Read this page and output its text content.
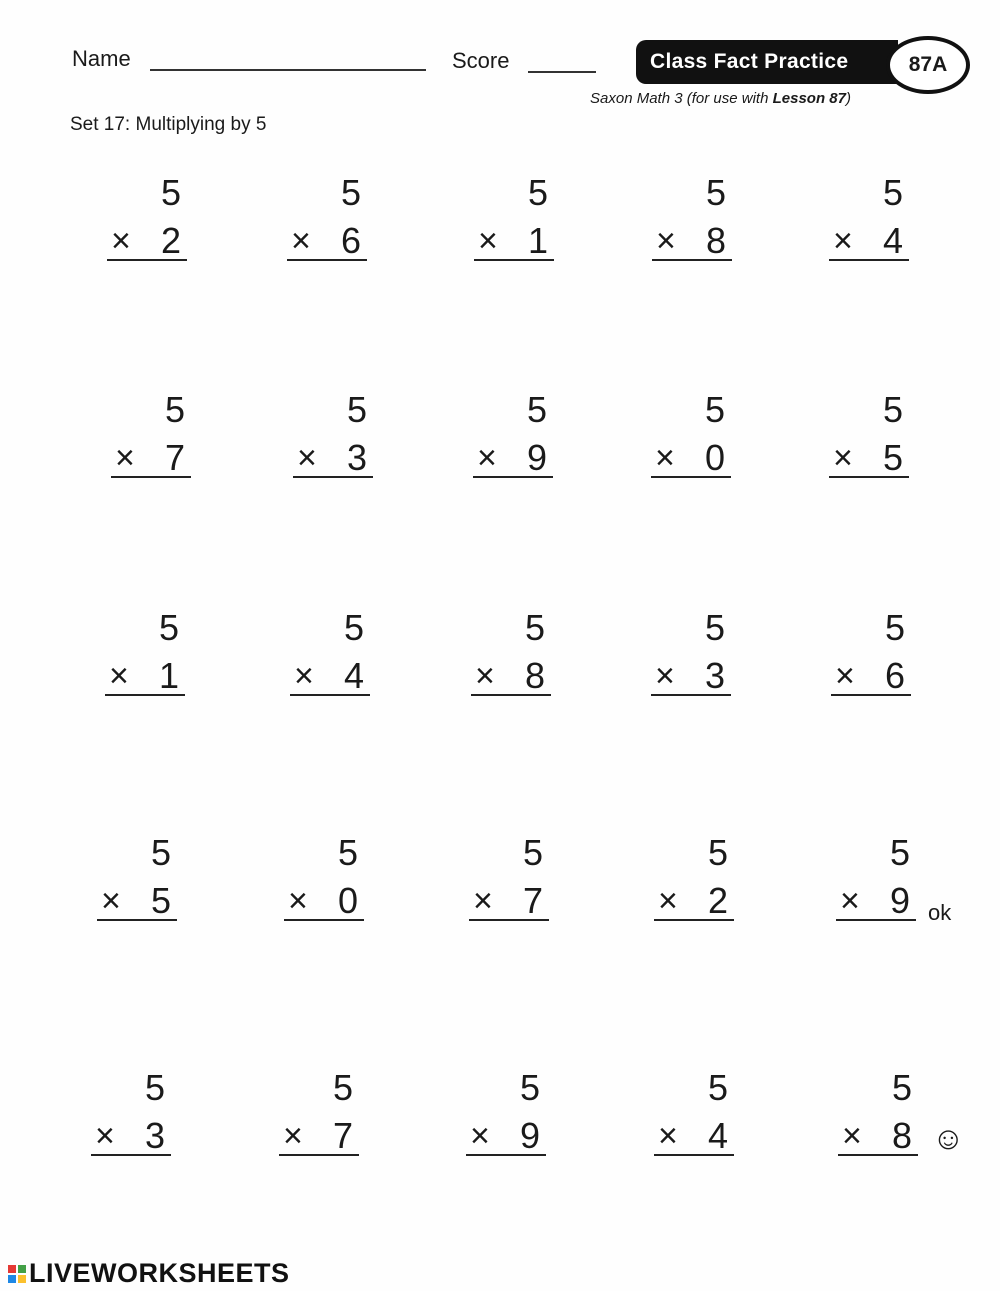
Name	Score	Class Fact Practice	87A
Saxon Math 3 (for use with Lesson 87)
Set 17: Multiplying by 5
5
× 2
5
× 6
5
× 1
5
× 8
5
× 4
5
× 7
5
× 3
5
× 9
5
× 0
5
× 5
5
× 1
5
× 4
5
× 8
5
× 3
5
× 6
5
× 5
5
× 0
5
× 7
5
× 2
5
× 9
5
× 3
5
× 7
5
× 9
5
× 4
5
× 8
ok
☺
LIVEWORKSHEETS
